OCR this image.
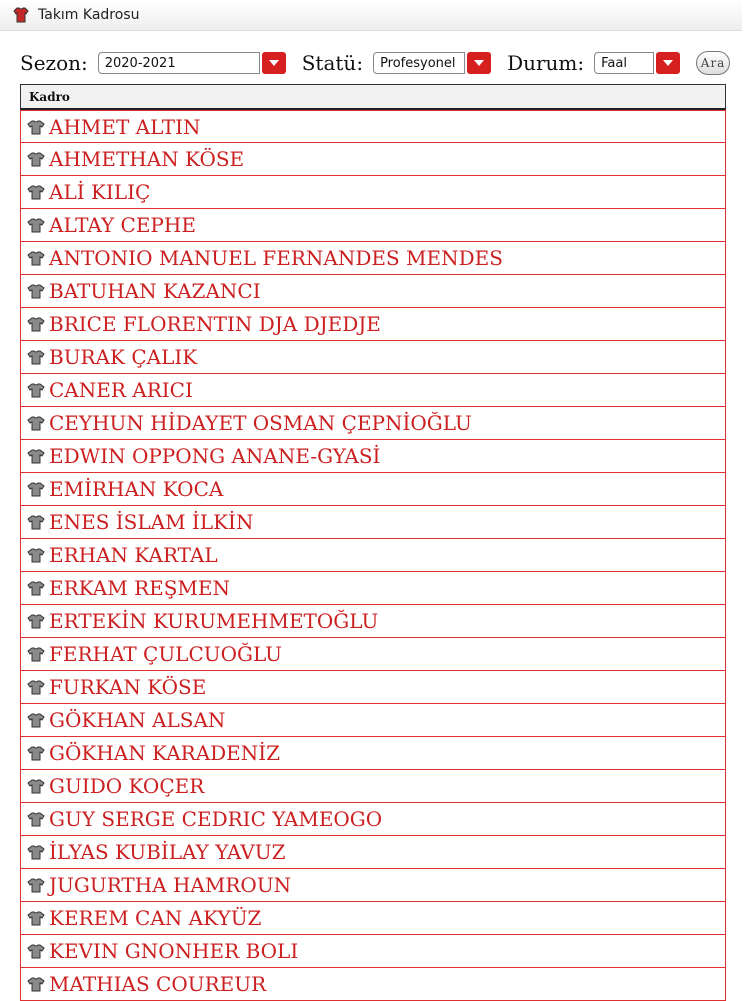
Takım Kadrosu
Sezon:	2020-2021	Statü:	Profesyonel	Durum:	Faal	Ara
Kadro
AHMET ALTIN
AHMETHAN KÖSE
ALİ KILIÇ
ALTAY CEPHE
ANTONIO MANUEL FERNANDES MENDES
BATUHAN KAZANCI
BRICE FLORENTIN DJA DJEDJE
BURAK ÇALIK
CANER ARICI
CEYHUN HİDAYET OSMAN ÇEPNİOĞLU
EDWIN OPPONG ANANE-GYASİ
EMİRHAN KOCA
ENES İSLAM İLKİN
ERHAN KARTAL
ERKAM REŞMEN
ERTEKİN KURUMEHMETOĞLU
FERHAT ÇULCUOĞLU
FURKAN KÖSE
GÖKHAN ALSAN
GÖKHAN KARADENİZ
GUIDO KOÇER
GUY SERGE CEDRIC YAMEOGO
İLYAS KUBİLAY YAVUZ
JUGURTHA HAMROUN
KEREM CAN AKYÜZ
KEVIN GNONHER BOLI
MATHIAS COUREUR
